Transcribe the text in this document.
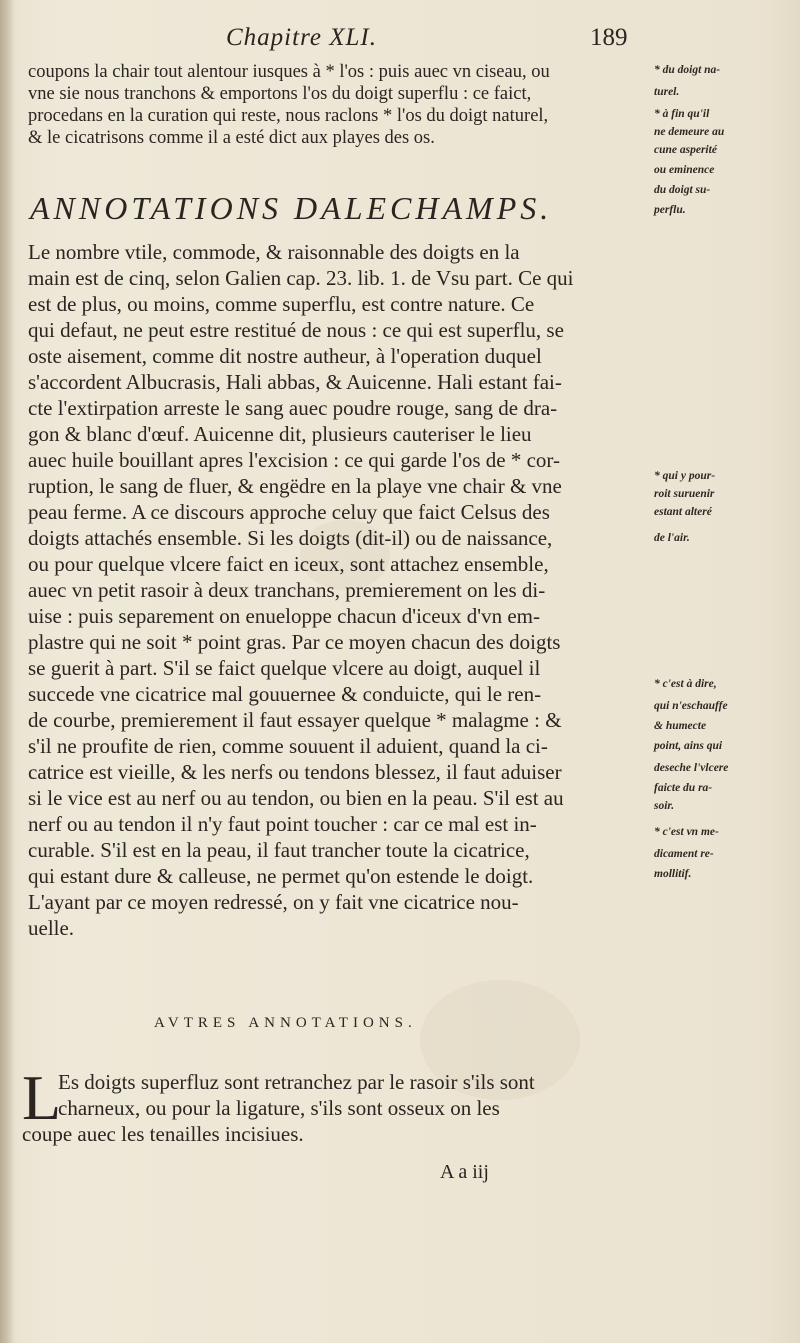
Chapitre XLI.	189
coupons la chair tout alentour iusques à * l'os : puis auec vn ciseau, ou
vne sie nous tranchons & emportons l'os du doigt superflu : ce faict,
procedans en la curation qui reste, nous raclons * l'os du doigt naturel,
& le cicatrisons comme il a esté dict aux playes des os.
ANNOTATIONS DALECHAMPS.
Le nombre vtile, commode, & raisonnable des doigts en la
main est de cinq, selon Galien cap. 23. lib. 1. de Vsu part. Ce qui
est de plus, ou moins, comme superflu, est contre nature. Ce
qui defaut, ne peut estre restitué de nous : ce qui est superflu, se
oste aisement, comme dit nostre autheur, à l'operation duquel
s'accordent Albucrasis, Hali abbas, & Auicenne. Hali estant fai-
cte l'extirpation arreste le sang auec poudre rouge, sang de dra-
gon & blanc d'œuf. Auicenne dit, plusieurs cauteriser le lieu
auec huile bouillant apres l'excision : ce qui garde l'os de * cor-
ruption, le sang de fluer, & engëdre en la playe vne chair & vne
peau ferme. A ce discours approche celuy que faict Celsus des
doigts attachés ensemble. Si les doigts (dit-il) ou de naissance,
ou pour quelque vlcere faict en iceux, sont attachez ensemble,
auec vn petit rasoir à deux tranchans, premierement on les di-
uise : puis separement on enueloppe chacun d'iceux d'vn em-
plastre qui ne soit * point gras. Par ce moyen chacun des doigts
se guerit à part. S'il se faict quelque vlcere au doigt, auquel il
succede vne cicatrice mal gouuernee & conduicte, qui le ren-
de courbe, premierement il faut essayer quelque * malagme : &
s'il ne proufite de rien, comme souuent il aduient, quand la ci-
catrice est vieille, & les nerfs ou tendons blessez, il faut aduiser
si le vice est au nerf ou au tendon, ou bien en la peau. S'il est au
nerf ou au tendon il n'y faut point toucher : car ce mal est in-
curable. S'il est en la peau, il faut trancher toute la cicatrice,
qui estant dure & calleuse, ne permet qu'on estende le doigt.
L'ayant par ce moyen redressé, on y fait vne cicatrice nou-
uelle.
* du doigt na-
turel.
* à fin qu'il
ne demeure au
cune asperité
ou eminence
du doigt su-
perflu.
* qui y pour-
roit suruenir
estant alteré
de l'air.
* c'est à dire,
qui n'eschauffe
& humecte
point, ains qui
deseche l'vlcere
faicte du ra-
soir.
* c'est vn me-
dicament re-
mollitif.
AVTRES ANNOTATIONS.
L
Es doigts superfluz sont retranchez par le rasoir s'ils sont
charneux, ou pour la ligature, s'ils sont osseux on les
coupe auec les tenailles incisiues.
A a iij
